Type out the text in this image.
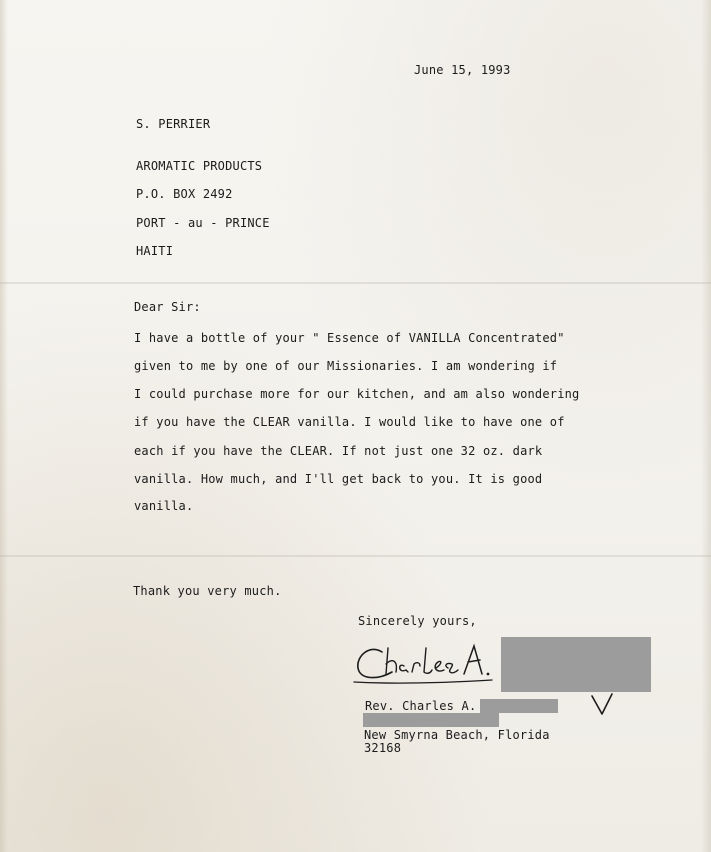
June 15, 1993
S. PERRIER
AROMATIC PRODUCTS
P.O. BOX 2492
PORT - au - PRINCE
HAITI
Dear Sir:
I have a bottle of your " Essence of VANILLA Concentrated"
given to me by one of our Missionaries. I am wondering if
I could purchase more for our kitchen, and am also wondering
if you have the CLEAR vanilla. I would like to have one of
each if you have the CLEAR. If not just one 32 oz. dark
vanilla. How much, and I'll get back to you. It is good
vanilla.
Thank you very much.
Sincerely yours,
Rev. Charles A.
New Smyrna Beach, Florida
32168
